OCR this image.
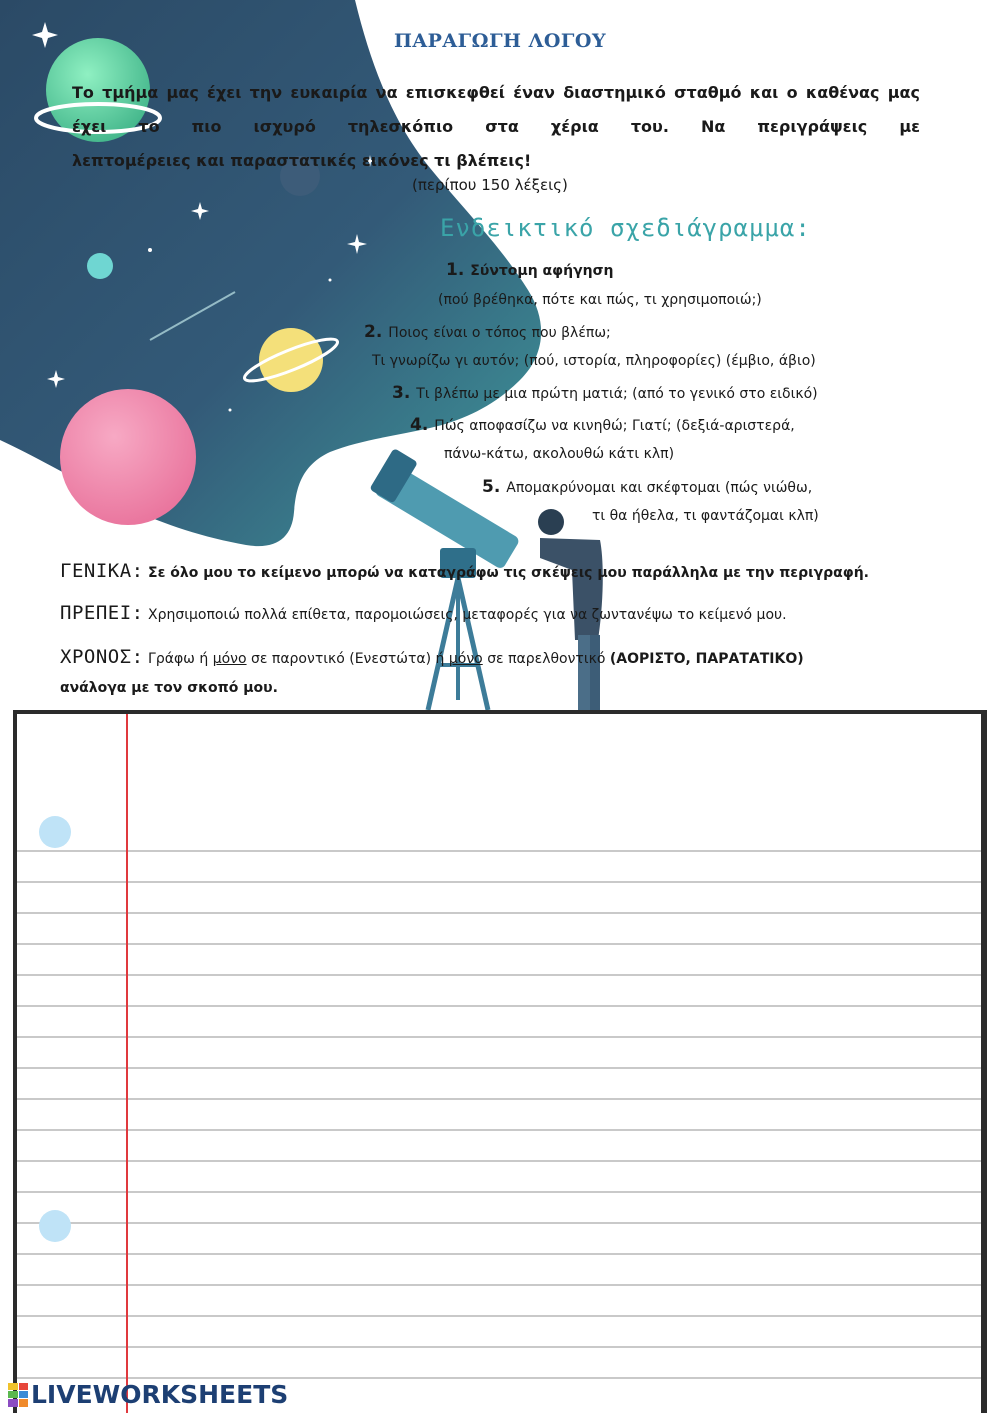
ΠΑΡΑΓΩΓΗ ΛΟΓΟΥ
Το τμήμα μας έχει την ευκαιρία να επισκεφθεί έναν διαστημικό σταθμό και ο καθένας μας έχει το πιο ισχυρό τηλεσκόπιο στα χέρια του. Να περιγράψεις με
λεπτομέρειες και παραστατικές εικόνες τι βλέπεις!
(περίπου 150 λέξεις)
Ενδεικτικό σχεδιάγραμμα:
1. Σύντομη αφήγηση
(πού βρέθηκα, πότε και πώς, τι χρησιμοποιώ;)
2. Ποιος είναι ο τόπος που βλέπω;
Τι γνωρίζω γι αυτόν; (πού, ιστορία, πληροφορίες) (έμβιο, άβιο)
3. Τι βλέπω με μια πρώτη ματιά; (από το γενικό στο ειδικό)
4. Πώς αποφασίζω να κινηθώ; Γιατί; (δεξιά-αριστερά,
πάνω-κάτω, ακολουθώ κάτι κλπ)
5. Απομακρύνομαι και σκέφτομαι (πώς νιώθω,
τι θα ήθελα, τι φαντάζομαι κλπ)
ΓΕΝΙΚΑ: Σε όλο μου το κείμενο μπορώ να καταγράφω τις σκέψεις μου παράλληλα με την περιγραφή.
ΠΡΕΠΕΙ: Χρησιμοποιώ πολλά επίθετα, παρομοιώσεις, μεταφορές για να ζωντανέψω το κείμενό μου.
ΧΡΟΝΟΣ: Γράφω ή μόνο σε παροντικό (Ενεστώτα) ή μόνο σε παρελθοντικό (ΑΟΡΙΣΤΟ, ΠΑΡΑΤΑΤΙΚΟ)
ανάλογα με τον σκοπό μου.
LIVEWORKSHEETS
